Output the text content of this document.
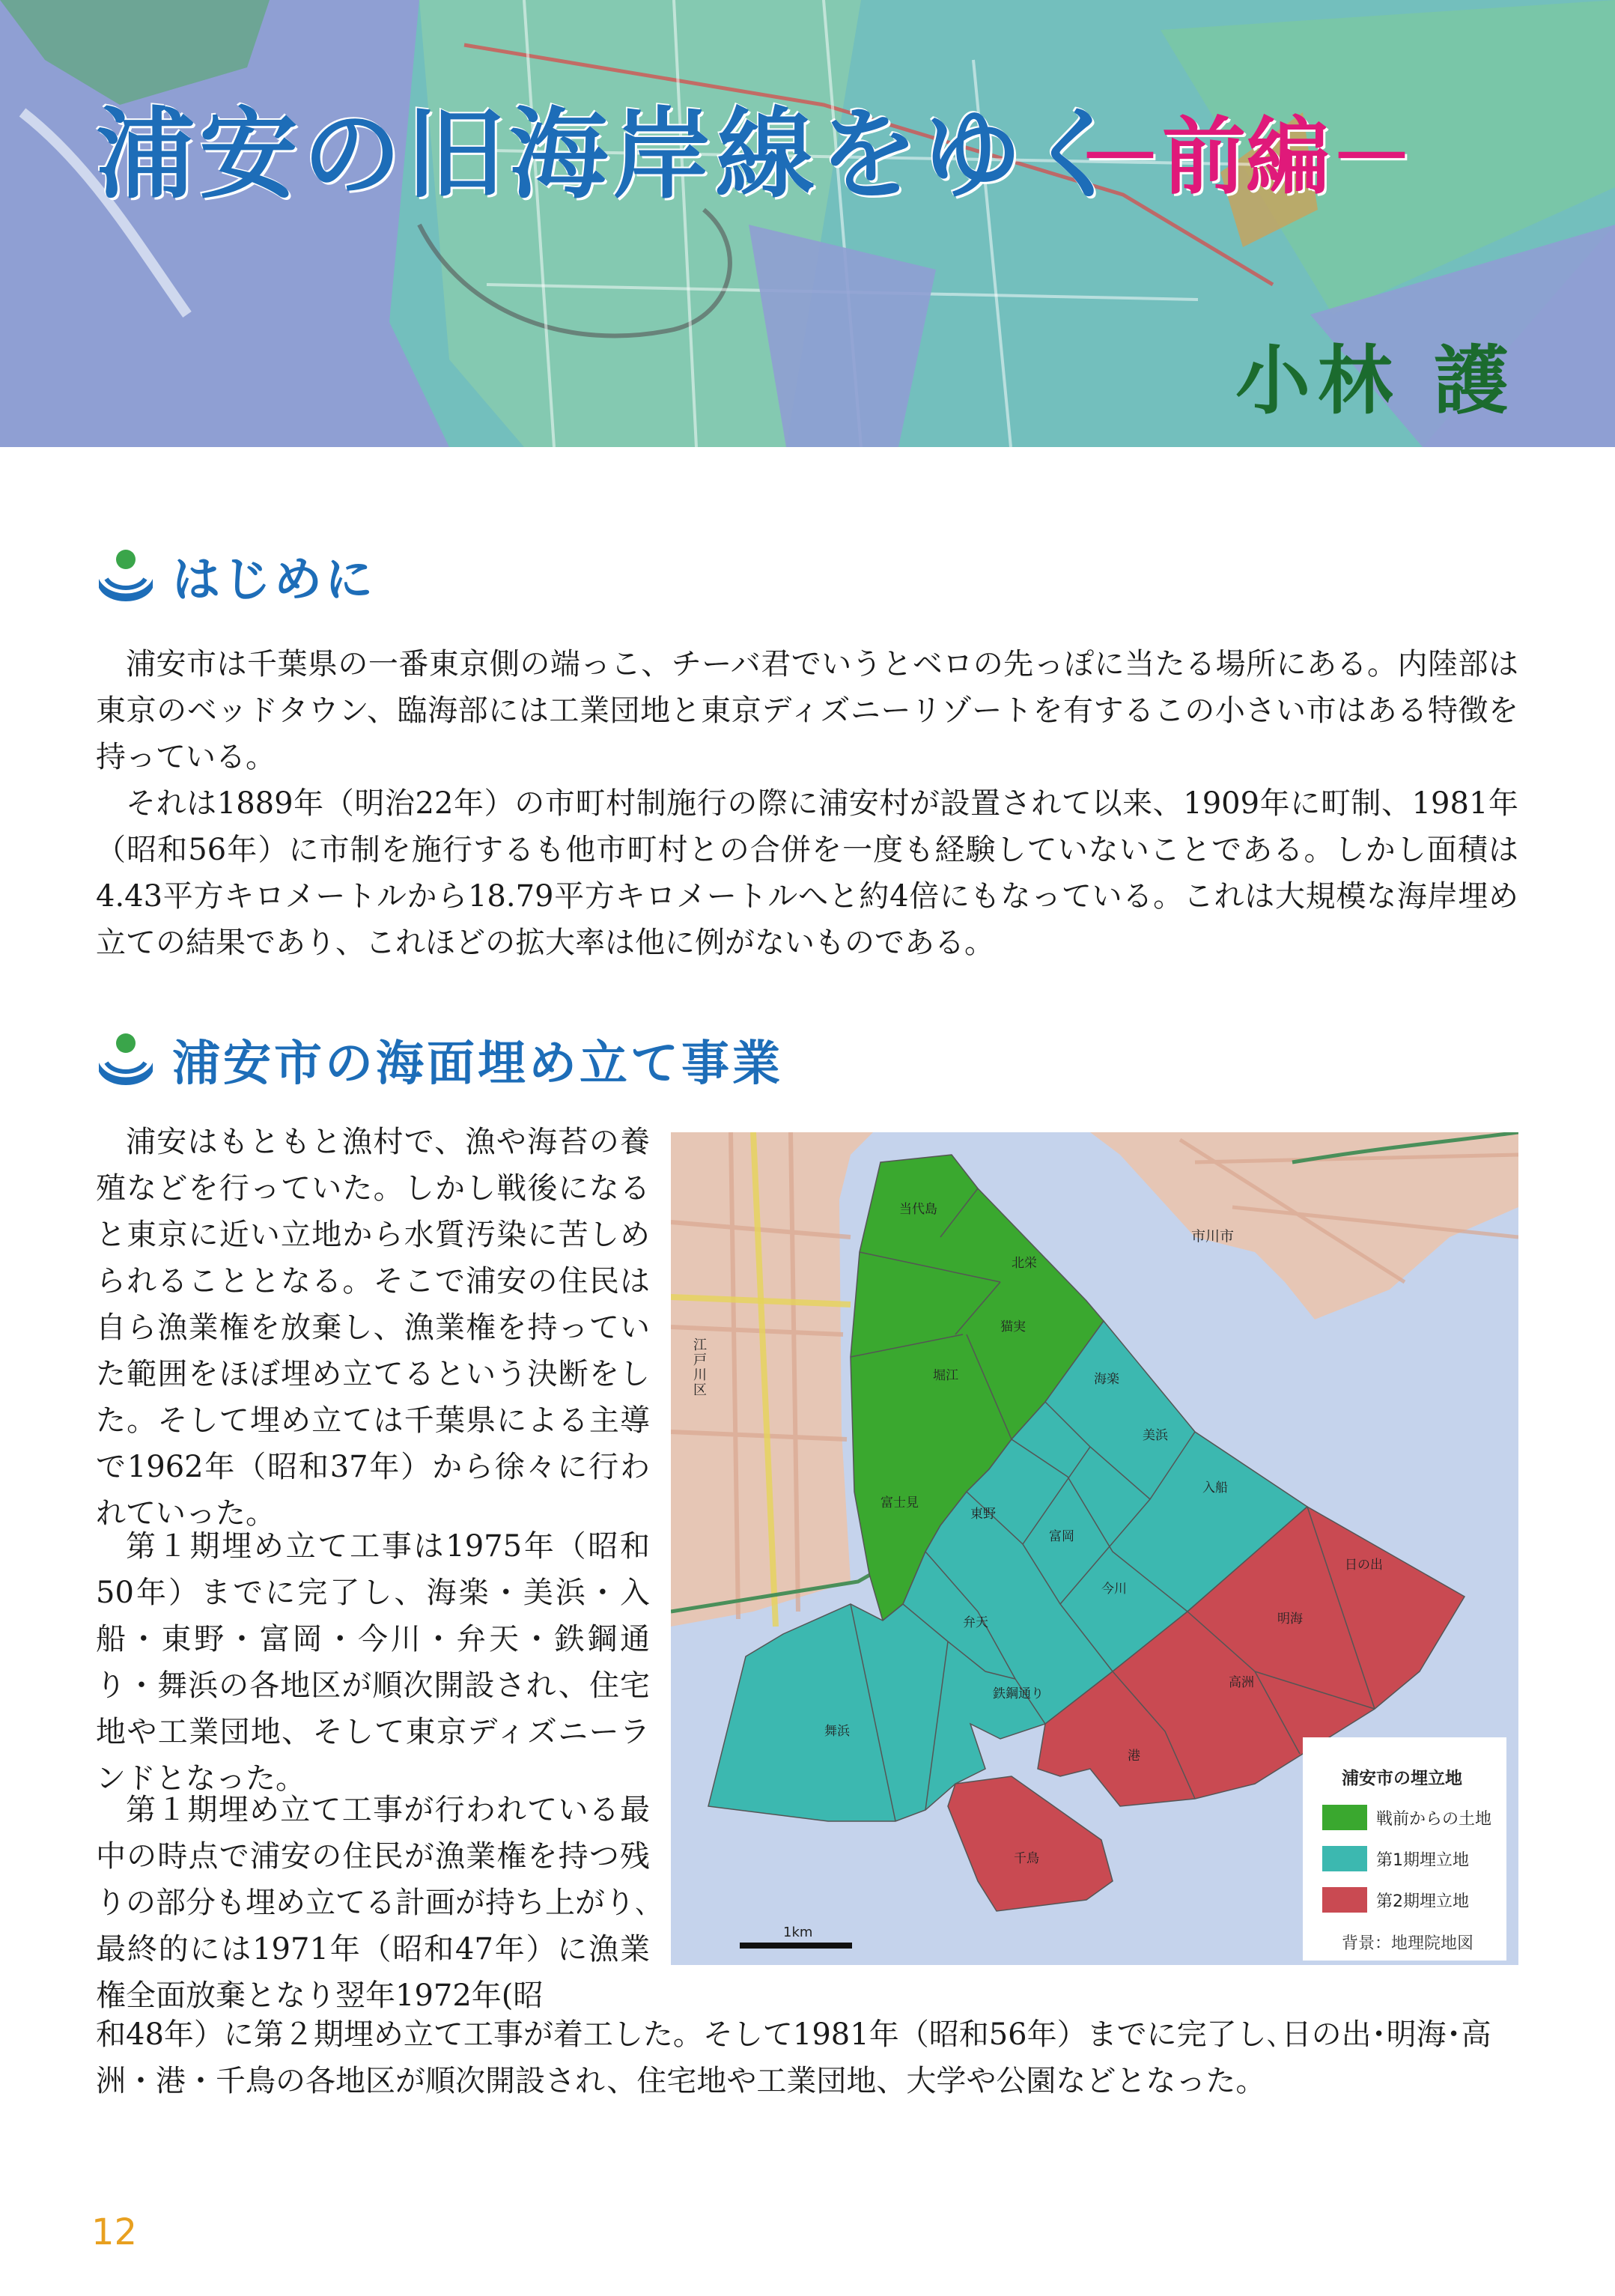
浦安の旧海岸線をゆく
－前編－
小林 護
はじめに
浦安市は千葉県の一番東京側の端っこ、チーバ君でいうとベロの先っぽに当たる場所にある。内陸部は東京のベッドタウン、臨海部には工業団地と東京ディズニーリゾートを有するこの小さい市はある特徴を持っている。
それは1889年（明治22年）の市町村制施行の際に浦安村が設置されて以来、1909年に町制、1981年（昭和56年）に市制を施行するも他市町村との合併を一度も経験していないことである。しかし面積は4.43平方キロメートルから18.79平方キロメートルへと約4倍にもなっている。これは大規模な海岸埋め立ての結果であり、これほどの拡大率は他に例がないものである。
浦安市の海面埋め立て事業
浦安はもともと漁村で、漁や海苔の養殖などを行っていた。しかし戦後になると東京に近い立地から水質汚染に苦しめられることとなる。そこで浦安の住民は自ら漁業権を放棄し、漁業権を持っていた範囲をほぼ埋め立てるという決断をした。そして埋め立ては千葉県による主導で1962年（昭和37年）から徐々に行われていった。
第１期埋め立て工事は1975年（昭和50年）までに完了し、海楽・美浜・入船・東野・富岡・今川・弁天・鉄鋼通り・舞浜の各地区が順次開設され、住宅地や工業団地、そして東京ディズニーランドとなった。
第１期埋め立て工事が行われている最中の時点で浦安の住民が漁業権を持つ残りの部分も埋め立てる計画が持ち上がり､最終的には1971年（昭和47年）に漁業権全面放棄となり翌年1972年(昭
和48年）に第２期埋め立て工事が着工した。そして1981年（昭和56年）までに完了し､日の出･明海･高洲・港・千鳥の各地区が順次開設され、住宅地や工業団地、大学や公園などとなった。
当代島
北栄
猫実
堀江
富士見
海楽
美浜
入船
東野
富岡
今川
弁天
鉄鋼通り
舞浜
日の出
明海
高洲
港
千鳥
市川市
江
戸
川
区
浦安市の埋立地
戦前からの土地
第1期埋立地
第2期埋立地
背景：地理院地図
1km
12
